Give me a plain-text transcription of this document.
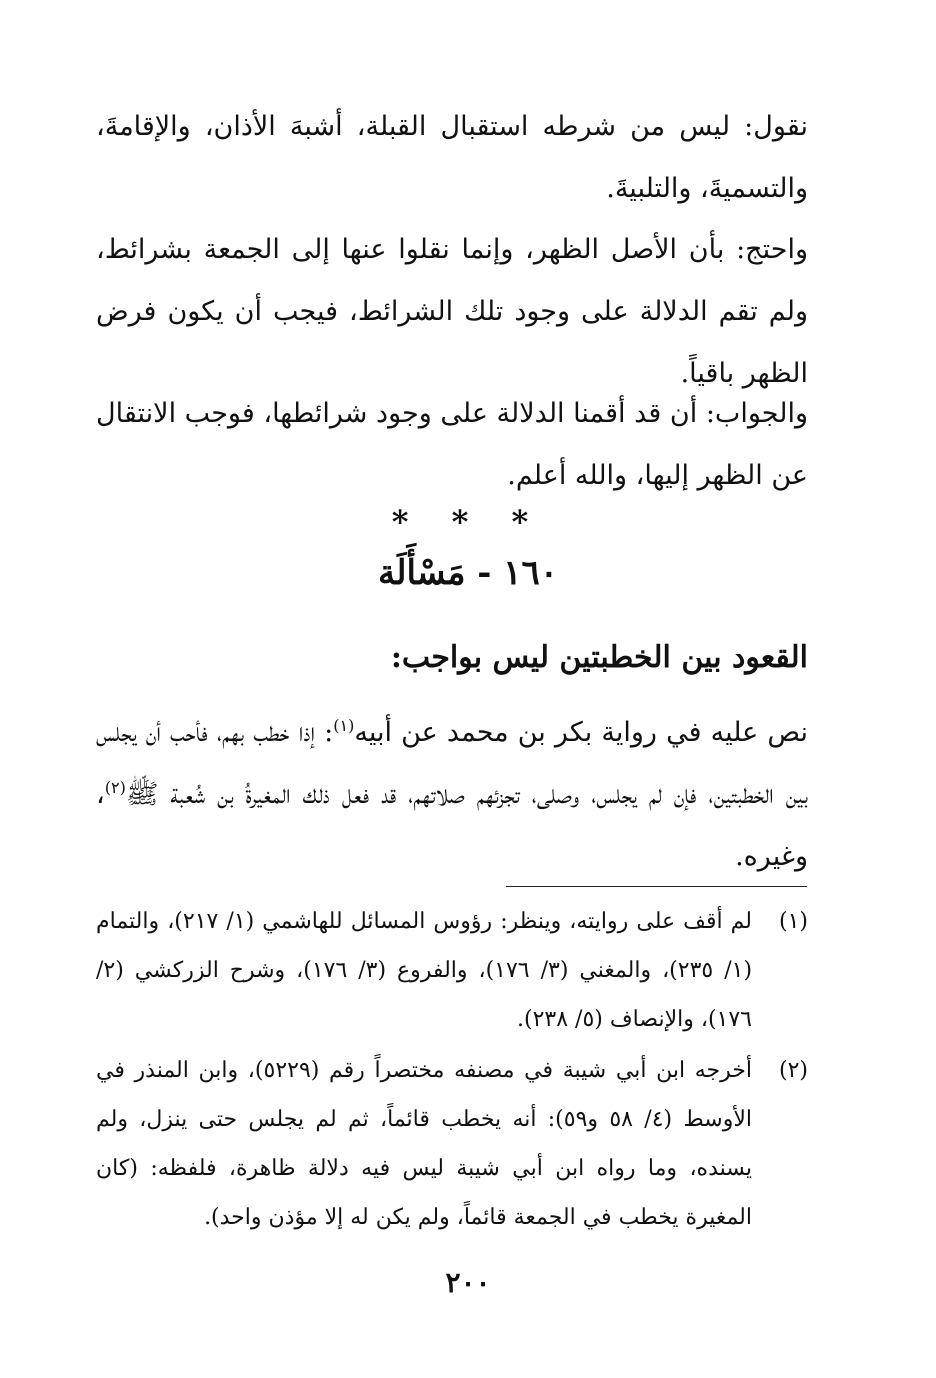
نقول: ليس من شرطه استقبال القبلة، أشبهَ الأذان، والإقامةَ، والتسميةَ، والتلبيةَ.

واحتج: بأن الأصل الظهر، وإنما نقلوا عنها إلى الجمعة بشرائط، ولم تقم الدلالة على وجود تلك الشرائط، فيجب أن يكون فرض الظهر باقياً.

والجواب: أن قد أقمنا الدلالة على وجود شرائطها، فوجب الانتقال عن الظهر إليها، والله أعلم.

* * *
١٦٠ - مَسْأَلَة
القعود بين الخطبتين ليس بواجب:

نص عليه في رواية بكر بن محمد عن أبيه$^{(١)}$: إذا خطب بهم، فأحب أن يجلس بين الخطبتين، فإن لم يجلس، وصلى، تجزئهم صلاتهم، قد فعل ذلك المغيرةُ بن شُعبة ﷺ$^{(٢)}$، وغيره.

(١)
لم أقف على روايته، وينظر: رؤوس المسائل للهاشمي (١/ ٢١٧)، والتمام (١/ ٢٣٥)، والمغني (٣/ ١٧٦)، والفروع (٣/ ١٧٦)، وشرح الزركشي (٢/ ١٧٦)، والإنصاف (٥/ ٢٣٨).
(٢)
أخرجه ابن أبي شيبة في مصنفه مختصراً رقم (٥٢٢٩)، وابن المنذر في الأوسط (٤/ ٥٨ و٥٩): أنه يخطب قائماً، ثم لم يجلس حتى ينزل، ولم يسنده، وما رواه ابن أبي شيبة ليس فيه دلالة ظاهرة، فلفظه: (كان المغيرة يخطب في الجمعة قائماً، ولم يكن له إلا مؤذن واحد).
٢٠٠
